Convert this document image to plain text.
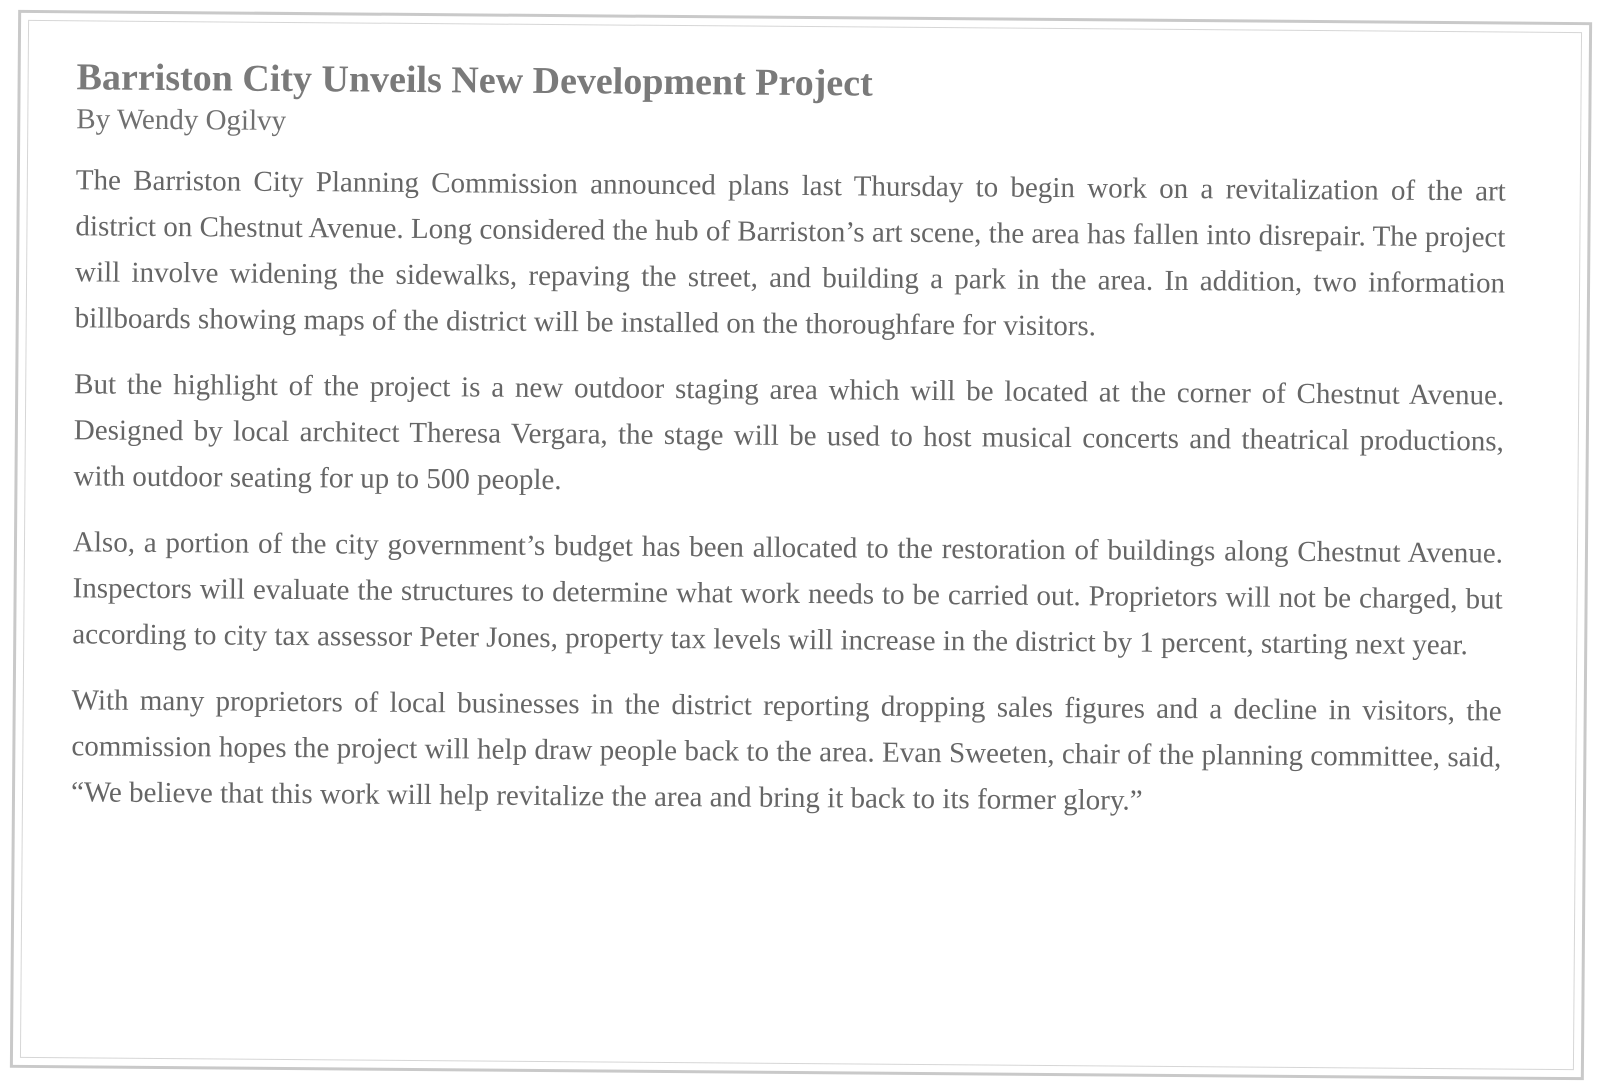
Barriston City Unveils New Development Project
By Wendy Ogilvy

The Barriston City Planning Commission announced plans last Thursday to begin work on a revitalization of the art district on Chestnut Avenue. Long considered the hub of Barriston’s art scene, the area has fallen into disrepair. The project will involve widening the sidewalks, repaving the street, and building a park in the area. In addition, two information billboards showing maps of the district will be installed on the thoroughfare for visitors.

But the highlight of the project is a new outdoor staging area which will be located at the corner of Chestnut Avenue. Designed by local architect Theresa Vergara, the stage will be used to host musical concerts and theatrical productions, with outdoor seating for up to 500 people.

Also, a portion of the city government’s budget has been allocated to the restoration of buildings along Chestnut Avenue. Inspectors will evaluate the structures to determine what work needs to be carried out. Proprietors will not be charged, but according to city tax assessor Peter Jones, property tax levels will increase in the district by 1 percent, starting next year.

With many proprietors of local businesses in the district reporting dropping sales figures and a decline in visitors, the commission hopes the project will help draw people back to the area. Evan Sweeten, chair of the planning committee, said, “We believe that this work will help revitalize the area and bring it back to its former glory.”
